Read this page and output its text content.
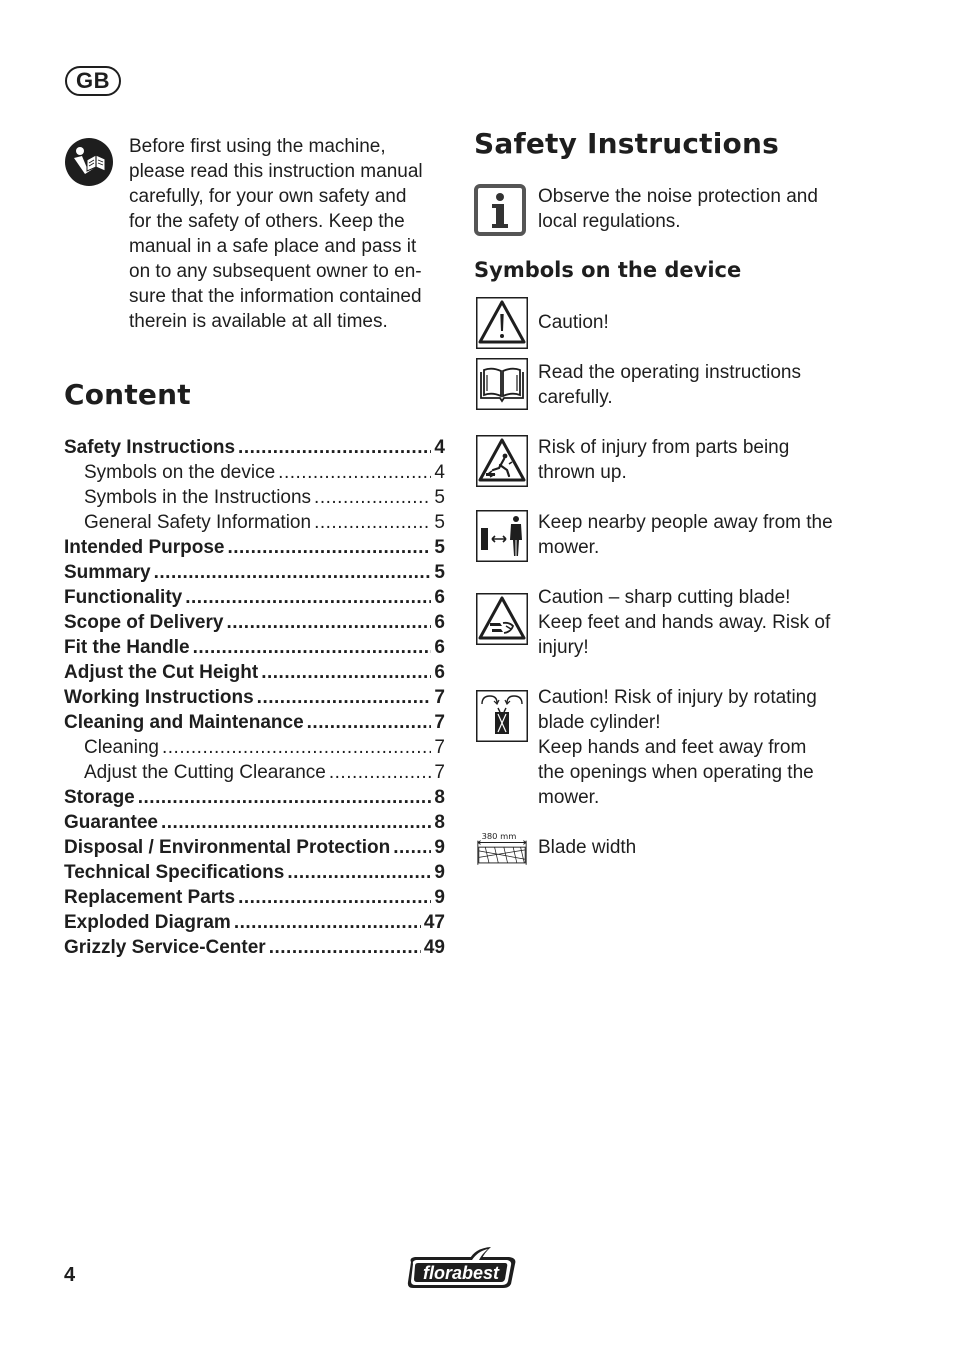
GB
Before first using the machine,
please read this instruction manual
carefully, for your own safety and
for the safety of others. Keep the
manual in a safe place and pass it
on to any subsequent owner to en-
sure that the information contained
therein is available at all times.
Content
Safety Instructions .....	4
Symbols on the device .....	4
Symbols in the Instructions .....	5
General Safety Information .....	5
Intended Purpose .....	5
Summary .....	5
Functionality .....	6
Scope of Delivery .....	6
Fit the Handle .....	6
Adjust the Cut Height .....	6
Working Instructions .....	7
Cleaning and Maintenance .....	7
Cleaning .....	7
Adjust the Cutting Clearance .....	7
Storage .....	8
Guarantee .....	8
Disposal / Environmental Protection ..... 9
Technical Specifications .....	9
Replacement Parts .....	9
Exploded Diagram .....	47
Grizzly Service-Center .....	49
Safety Instructions
Observe the noise protection and
local regulations.
Symbols on the device
Caution!
Read the operating instructions
carefully.
Risk of injury from parts being
thrown up.
Keep nearby people away from the
mower.
Caution – sharp cutting blade!
Keep feet and hands away. Risk of
injury!
Caution! Risk of injury by rotating
blade cylinder!
Keep hands and feet away from
the openings when operating the
mower.
380 mm
Blade width
4	florabest
